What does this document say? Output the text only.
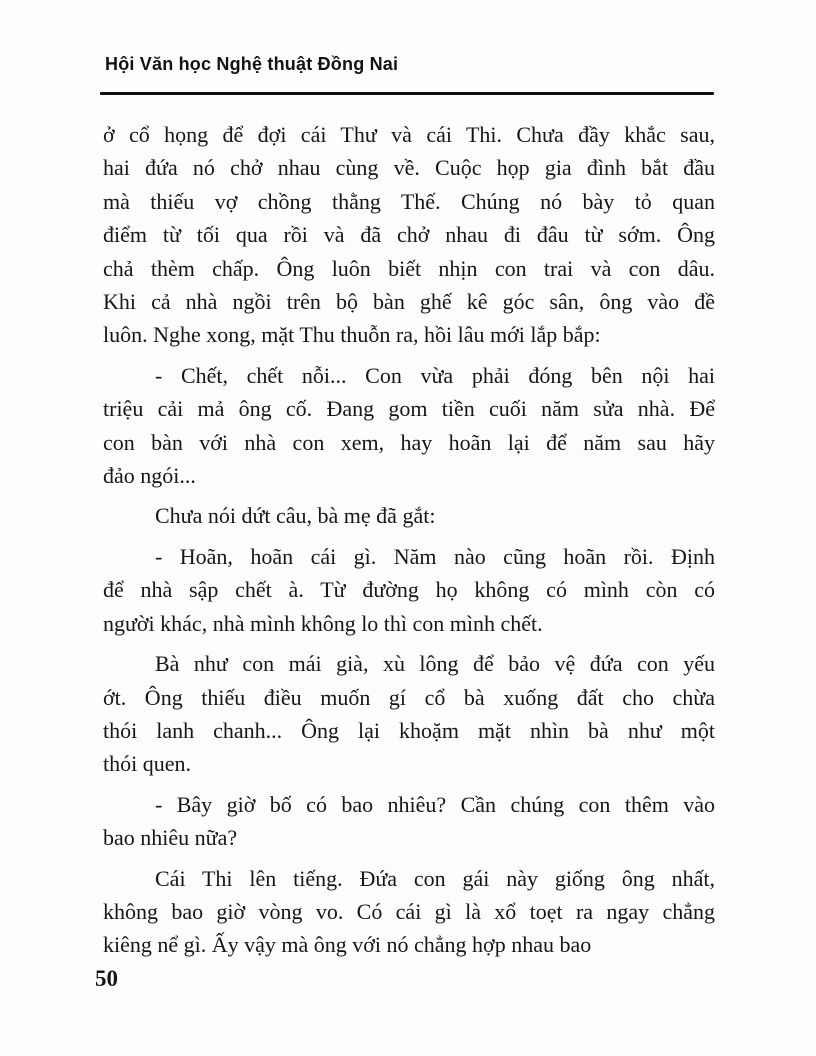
Hội Văn học Nghệ thuật Đồng Nai
ở cổ họng để đợi cái Thư và cái Thi. Chưa đầy khắc sau,
hai đứa nó chở nhau cùng về. Cuộc họp gia đình bắt đầu
mà thiếu vợ chồng thằng Thế. Chúng nó bày tỏ quan
điểm từ tối qua rồi và đã chở nhau đi đâu từ sớm. Ông
chả thèm chấp. Ông luôn biết nhịn con trai và con dâu.
Khi cả nhà ngồi trên bộ bàn ghế kê góc sân, ông vào đề
luôn. Nghe xong, mặt Thu thuỗn ra, hồi lâu mới lắp bắp:
- Chết, chết nỗi... Con vừa phải đóng bên nội hai
triệu cải mả ông cố. Đang gom tiền cuối năm sửa nhà. Để
con bàn với nhà con xem, hay hoãn lại để năm sau hãy
đảo ngói...
Chưa nói dứt câu, bà mẹ đã gắt:
- Hoãn, hoãn cái gì. Năm nào cũng hoãn rồi. Định
để nhà sập chết à. Từ đường họ không có mình còn có
người khác, nhà mình không lo thì con mình chết.
Bà như con mái già, xù lông để bảo vệ đứa con yếu
ớt. Ông thiếu điều muốn gí cổ bà xuống đất cho chừa
thói lanh chanh... Ông lại khoặm mặt nhìn bà như một
thói quen.
- Bây giờ bố có bao nhiêu? Cần chúng con thêm vào
bao nhiêu nữa?
Cái Thi lên tiếng. Đứa con gái này giống ông nhất,
không bao giờ vòng vo. Có cái gì là xổ toẹt ra ngay chẳng
kiêng nể gì. Ấy vậy mà ông với nó chẳng hợp nhau bao
50
